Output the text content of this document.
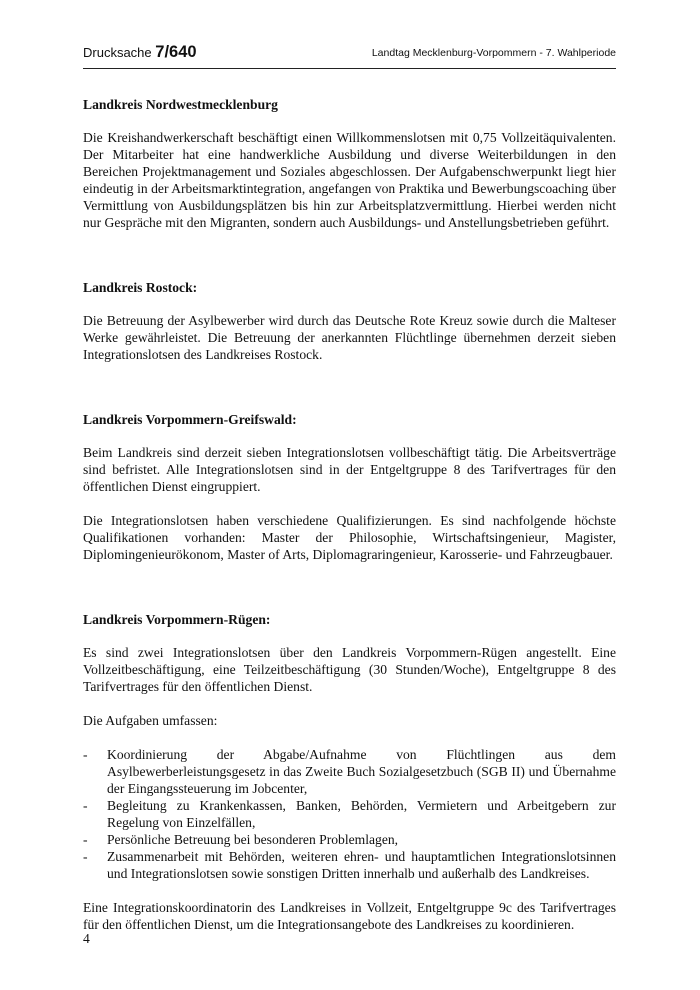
Drucksache 7/640	Landtag Mecklenburg-Vorpommern - 7. Wahlperiode
Landkreis Nordwestmecklenburg

Die Kreishandwerkerschaft beschäftigt einen Willkommenslotsen mit 0,75 Vollzeitäquivalenten. Der Mitarbeiter hat eine handwerkliche Ausbildung und diverse Weiterbildungen in den Bereichen Projektmanagement und Soziales abgeschlossen. Der Aufgabenschwerpunkt liegt hier eindeutig in der Arbeitsmarktintegration, angefangen von Praktika und Bewerbungscoaching über Vermittlung von Ausbildungsplätzen bis hin zur Arbeitsplatzvermittlung. Hierbei werden nicht nur Gespräche mit den Migranten, sondern auch Ausbildungs- und Anstellungsbetrieben geführt.

Landkreis Rostock:

Die Betreuung der Asylbewerber wird durch das Deutsche Rote Kreuz sowie durch die Malteser Werke gewährleistet. Die Betreuung der anerkannten Flüchtlinge übernehmen derzeit sieben Integrationslotsen des Landkreises Rostock.

Landkreis Vorpommern-Greifswald:

Beim Landkreis sind derzeit sieben Integrationslotsen vollbeschäftigt tätig. Die Arbeitsverträge sind befristet. Alle Integrationslotsen sind in der Entgeltgruppe 8 des Tarifvertrages für den öffentlichen Dienst eingruppiert.

Die Integrationslotsen haben verschiedene Qualifizierungen. Es sind nachfolgende höchste Qualifikationen vorhanden: Master der Philosophie, Wirtschaftsingenieur, Magister, Diplomingenieurökonom, Master of Arts, Diplomagraringenieur, Karosserie- und Fahrzeugbauer.

Landkreis Vorpommern-Rügen:

Es sind zwei Integrationslotsen über den Landkreis Vorpommern-Rügen angestellt. Eine Vollzeitbeschäftigung, eine Teilzeitbeschäftigung (30 Stunden/Woche), Entgeltgruppe 8 des Tarifvertrages für den öffentlichen Dienst.

Die Aufgaben umfassen:

- Koordinierung der Abgabe/Aufnahme von Flüchtlingen aus dem Asylbewerberleistungsgesetz in das Zweite Buch Sozialgesetzbuch (SGB II) und Übernahme der Eingangssteuerung im Jobcenter,
- Begleitung zu Krankenkassen, Banken, Behörden, Vermietern und Arbeitgebern zur Regelung von Einzelfällen,
- Persönliche Betreuung bei besonderen Problemlagen,
- Zusammenarbeit mit Behörden, weiteren ehren- und hauptamtlichen Integrationslotsinnen und Integrationslotsen sowie sonstigen Dritten innerhalb und außerhalb des Landkreises.

Eine Integrationskoordinatorin des Landkreises in Vollzeit, Entgeltgruppe 9c des Tarifvertrages für den öffentlichen Dienst, um die Integrationsangebote des Landkreises zu koordinieren.

4
